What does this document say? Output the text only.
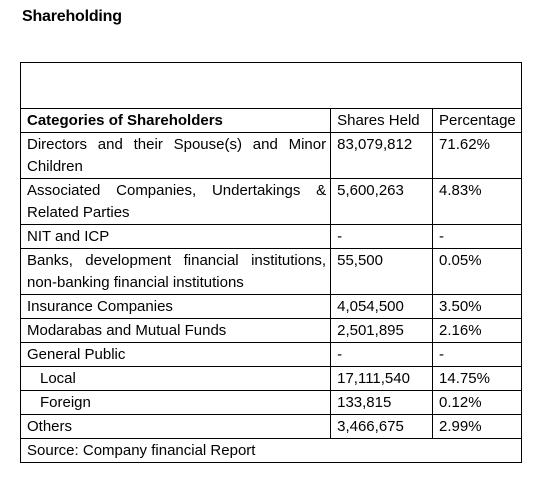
Shareholding

Categories of Shareholders	Shares Held	Percentage
Directors and their Spouse(s) and Minor Children	83,079,812	71.62%
Associated Companies, Undertakings & Related Parties	5,600,263	4.83%
NIT and ICP	-	-
Banks, development financial institutions, non-banking financial institutions	55,500	0.05%
Insurance Companies	4,054,500	3.50%
Modarabas and Mutual Funds	2,501,895	2.16%
General Public	-	-
Local	17,111,540	14.75%
Foreign	133,815	0.12%
Others	3,466,675	2.99%
Source: Company financial Report		
